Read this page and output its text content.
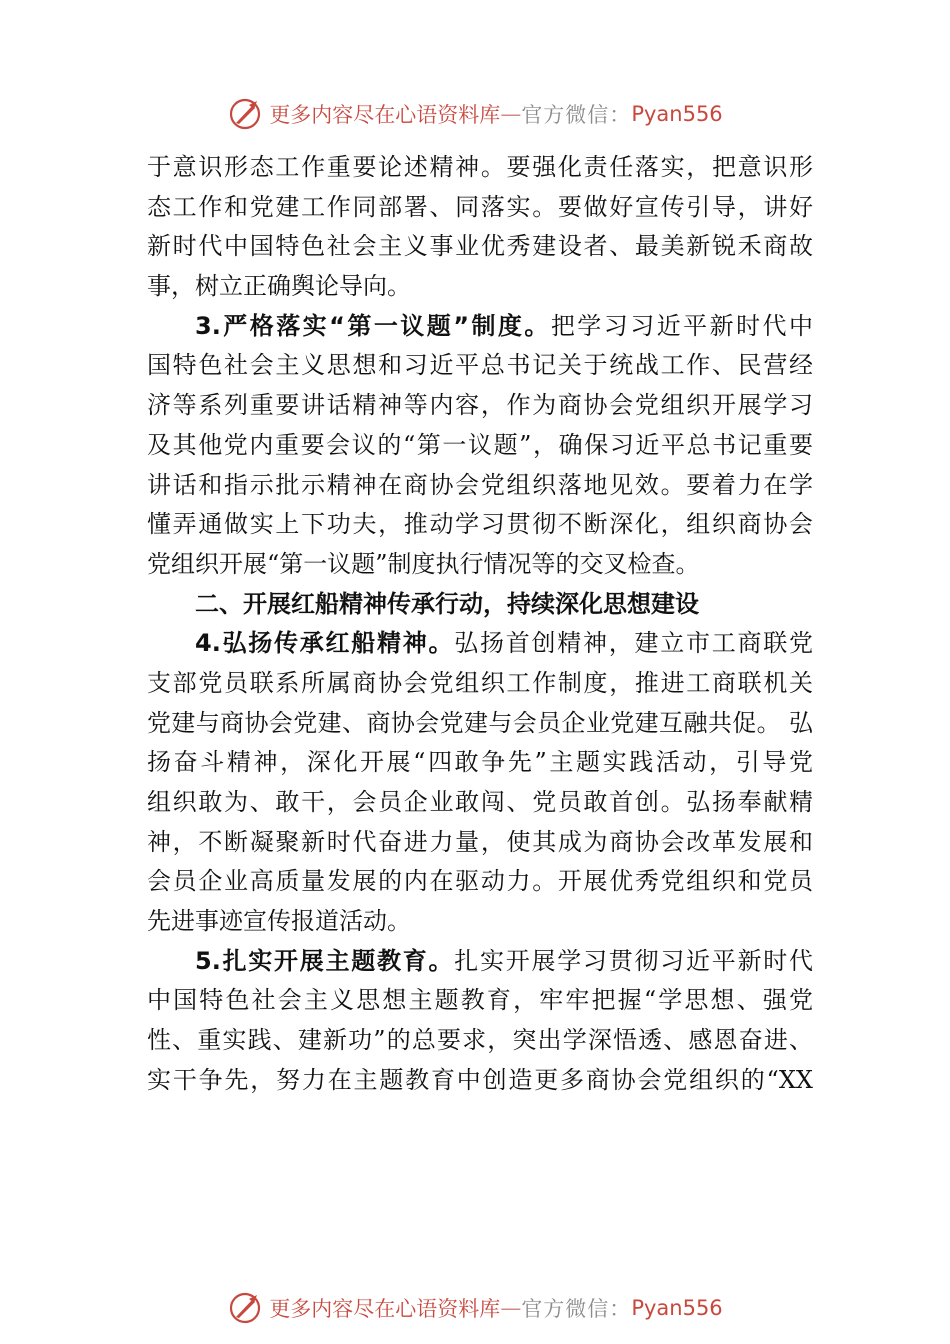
更多内容尽在心语资料库 — 官方微信： Pyan556
于意识形态工作重要论述精神。要强化责任落实，把意识形
态工作和党建工作同部署、同落实。要做好宣传引导，讲好
新时代中国特色社会主义事业优秀建设者、最美新锐禾商故
事，树立正确舆论导向。
3.严格落实“第一议题”制度。把学习习近平新时代中
国特色社会主义思想和习近平总书记关于统战工作、民营经
济等系列重要讲话精神等内容，作为商协会党组织开展学习
及其他党内重要会议的“第一议题”，确保习近平总书记重要
讲话和指示批示精神在商协会党组织落地见效。要着力在学
懂弄通做实上下功夫，推动学习贯彻不断深化，组织商协会
党组织开展“第一议题”制度执行情况等的交叉检查。
二、开展红船精神传承行动，持续深化思想建设
4.弘扬传承红船精神。弘扬首创精神，建立市工商联党
支部党员联系所属商协会党组织工作制度，推进工商联机关
党建与商协会党建、商协会党建与会员企业党建互融共促。 弘
扬奋斗精神，深化开展“四敢争先”主题实践活动，引导党
组织敢为、敢干，会员企业敢闯、党员敢首创。弘扬奉献精
神，不断凝聚新时代奋进力量，使其成为商协会改革发展和
会员企业高质量发展的内在驱动力。开展优秀党组织和党员
先进事迹宣传报道活动。
5.扎实开展主题教育。扎实开展学习贯彻习近平新时代
中国特色社会主义思想主题教育，牢牢把握“学思想、强党
性、重实践、建新功”的总要求，突出学深悟透、感恩奋进、
实干争先，努力在主题教育中创造更多商协会党组织的“XX
更多内容尽在心语资料库 — 官方微信： Pyan556
